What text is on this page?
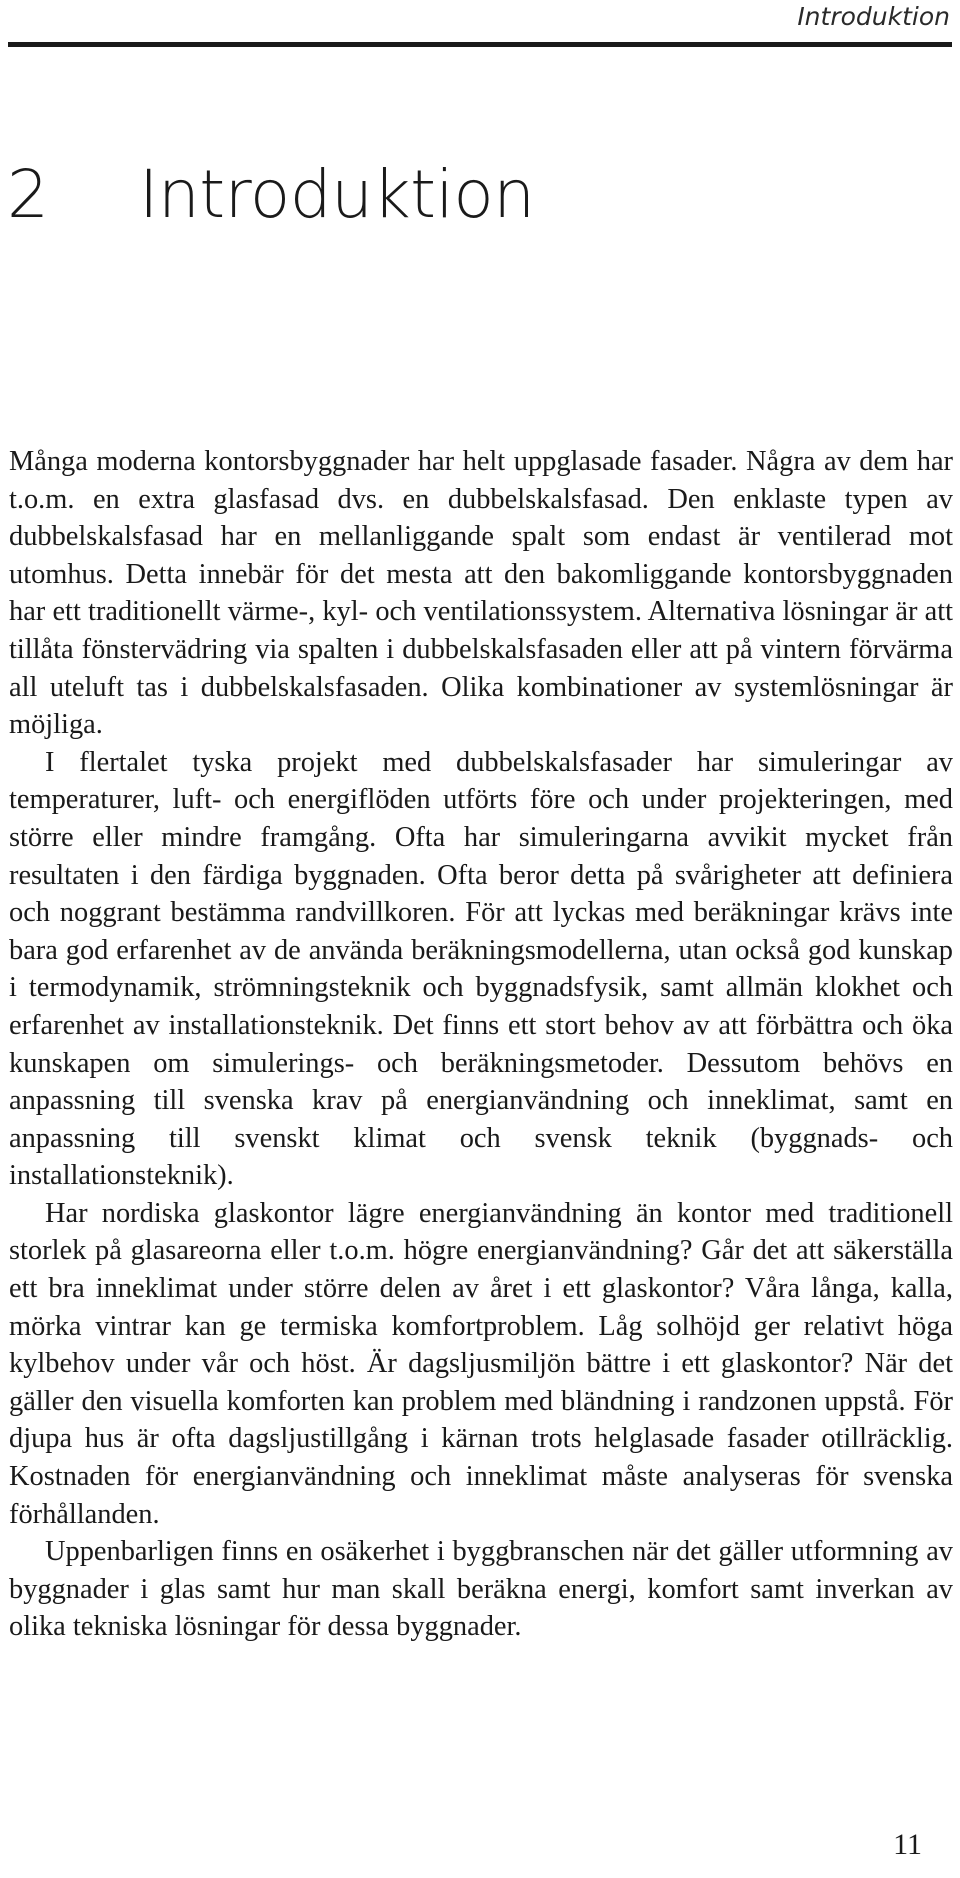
Introduktion
2 Introduktion

Många moderna kontorsbyggnader har helt uppglasade fasader. Några av dem har t.o.m. en extra glasfasad dvs. en dubbelskalsfasad. Den enklaste typen av dubbelskalsfasad har en mellanliggande spalt som endast är ventilerad mot utomhus. Detta innebär för det mesta att den bakomliggande kontorsbyggnaden har ett traditionellt värme-, kyl- och ventilationssystem. Alternativa lösningar är att tillåta fönstervädring via spalten i dubbelskalsfasaden eller att på vintern förvärma all uteluft tas i dubbelskalsfasaden. Olika kombinationer av systemlösningar är möjliga.

I flertalet tyska projekt med dubbelskalsfasader har simuleringar av temperaturer, luft- och energiflöden utförts före och under projekteringen, med större eller mindre framgång. Ofta har simuleringarna avvikit mycket från resultaten i den färdiga byggnaden. Ofta beror detta på svårigheter att definiera och noggrant bestämma randvillkoren. För att lyckas med beräkningar krävs inte bara god erfarenhet av de använda beräkningsmodellerna, utan också god kunskap i termodynamik, strömningsteknik och byggnadsfysik, samt allmän klokhet och erfarenhet av installationsteknik. Det finns ett stort behov av att förbättra och öka kunskapen om simulerings- och beräkningsmetoder. Dessutom behövs en anpassning till svenska krav på energianvändning och inneklimat, samt en anpassning till svenskt klimat och svensk teknik (byggnads- och installationsteknik).

Har nordiska glaskontor lägre energianvändning än kontor med traditionell storlek på glasareorna eller t.o.m. högre energianvändning? Går det att säkerställa ett bra inneklimat under större delen av året i ett glaskontor? Våra långa, kalla, mörka vintrar kan ge termiska komfortproblem. Låg solhöjd ger relativt höga kylbehov under vår och höst. Är dagsljusmiljön bättre i ett glaskontor? När det gäller den visuella komforten kan problem med bländning i randzonen uppstå. För djupa hus är ofta dagsljustillgång i kärnan trots helglasade fasader otillräcklig. Kostnaden för energianvändning och inneklimat måste analyseras för svenska förhållanden.

Uppenbarligen finns en osäkerhet i byggbranschen när det gäller utformning av byggnader i glas samt hur man skall beräkna energi, komfort samt inverkan av olika tekniska lösningar för dessa byggnader.

11
